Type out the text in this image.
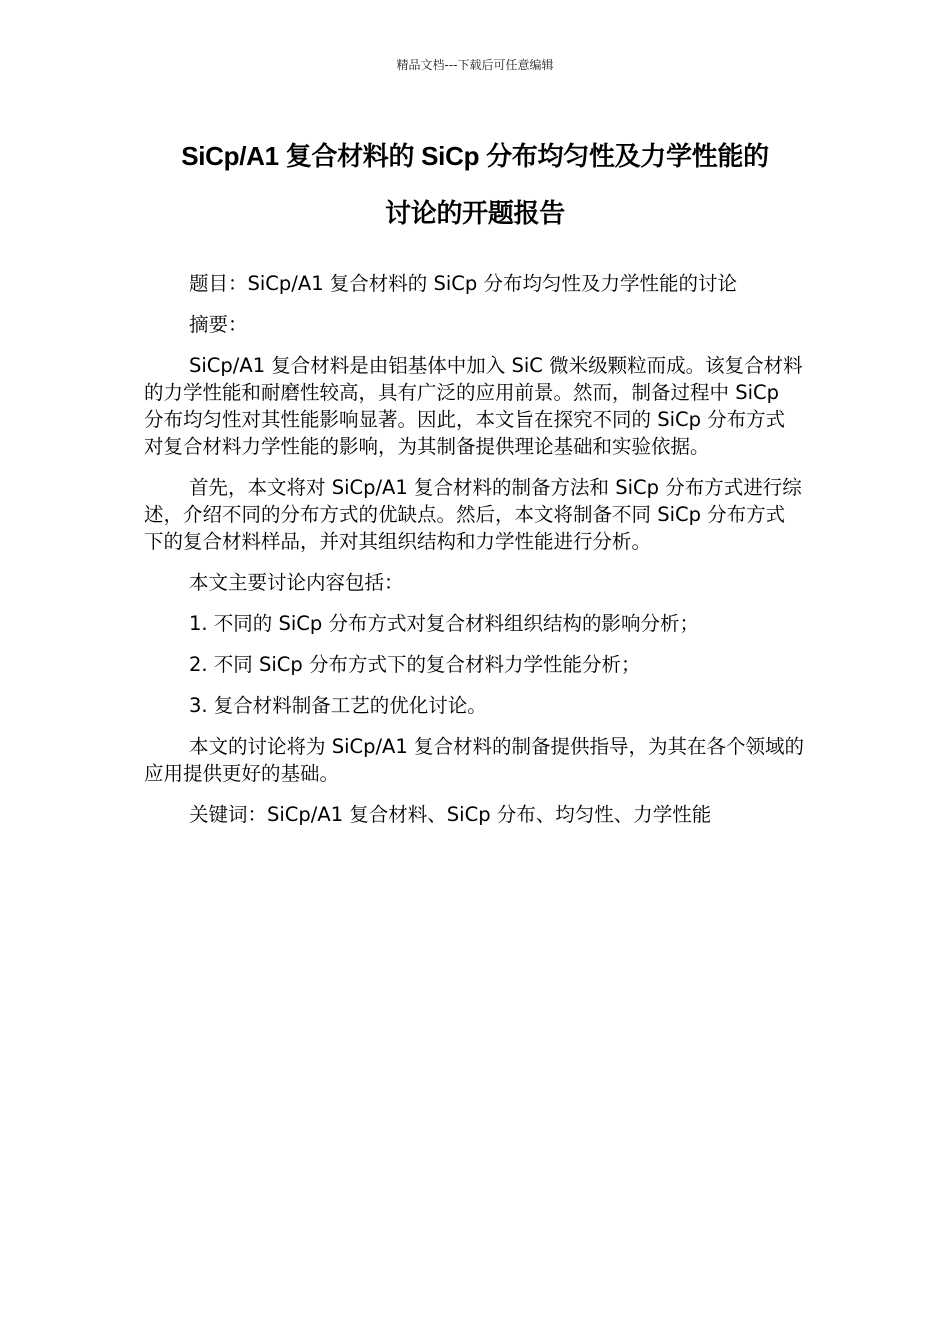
精品文档---下载后可任意编辑
SiCp/A1 复合材料的 SiCp 分布均匀性及力学性能的
讨论的开题报告

题目：SiCp/A1 复合材料的 SiCp 分布均匀性及力学性能的讨论

摘要：

SiCp/A1 复合材料是由铝基体中加入 SiC 微米级颗粒而成。该复合材料的力学性能和耐磨性较高，具有广泛的应用前景。然而，制备过程中 SiCp 分布均匀性对其性能影响显著。因此，本文旨在探究不同的 SiCp 分布方式对复合材料力学性能的影响，为其制备提供理论基础和实验依据。

首先，本文将对 SiCp/A1 复合材料的制备方法和 SiCp 分布方式进行综述，介绍不同的分布方式的优缺点。然后，本文将制备不同 SiCp 分布方式下的复合材料样品，并对其组织结构和力学性能进行分析。

本文主要讨论内容包括：

1. 不同的 SiCp 分布方式对复合材料组织结构的影响分析；

2. 不同 SiCp 分布方式下的复合材料力学性能分析；

3. 复合材料制备工艺的优化讨论。

本文的讨论将为 SiCp/A1 复合材料的制备提供指导，为其在各个领域的应用提供更好的基础。

关键词：SiCp/A1 复合材料、SiCp 分布、均匀性、力学性能
